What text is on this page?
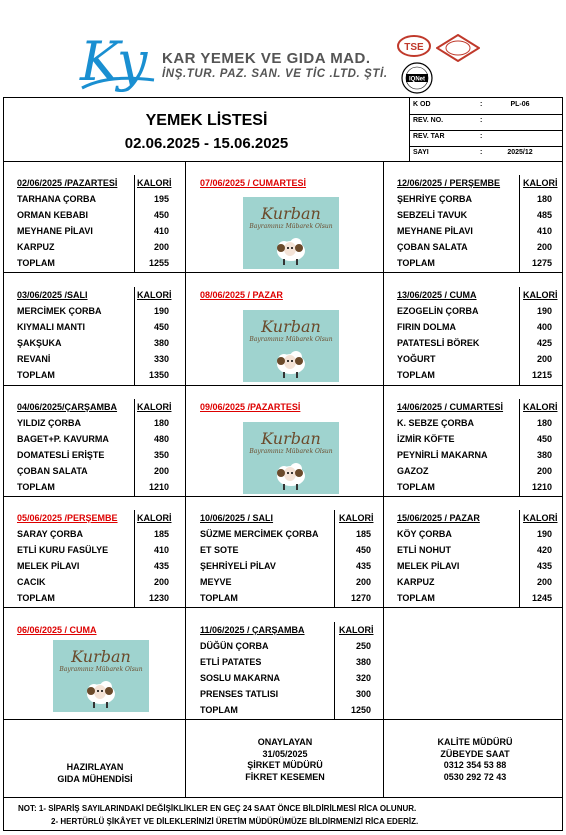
Ky KAR YEMEK VE GIDA MAD.
İNŞ.TUR. PAZ. SAN. VE TİC .LTD. ŞTİ.
TSE
IQNet
YEMEK LİSTESİ
02.06.2025 - 15.06.2025
K OD	:	PL-06
REV. NO.	:
REV. TAR	:
SAYI	:	2025/12
02/06/2025 /PAZARTESİ KALORİ
TARHANA ÇORBA	195
ORMAN KEBABI	450
MEYHANE PİLAVI	410
KARPUZ	200
TOPLAM	1255
07/06/2025 / CUMARTESİ
Kurban
Bayramınız Mübarek Olsun
12/06/2025 / PERŞEMBE	KALORİ
ŞEHRİYE ÇORBA	180
SEBZELİ TAVUK	485
MEYHANE PİLAVI	410
ÇOBAN SALATA	200
TOPLAM	1275
03/06/2025 /SALI	KALORİ
MERCİMEK ÇORBA	190
KIYMALI MANTI	450
ŞAKŞUKA	380
REVANİ	330
TOPLAM	1350
08/06/2025 / PAZAR
Kurban
Bayramınız Mübarek Olsun
13/06/2025 / CUMA	KALORİ
EZOGELİN ÇORBA	190
FIRIN DOLMA	400
PATATESLİ BÖREK	425
YOĞURT	200
TOPLAM	1215
04/06/2025/ÇARŞAMBA KALORİ
YILDIZ ÇORBA	180
BAGET+P. KAVURMA	480
DOMATESLİ ERİŞTE	350
ÇOBAN SALATA	200
TOPLAM	1210
09/06/2025 /PAZARTESİ
Kurban
Bayramınız Mübarek Olsun
14/06/2025 / CUMARTESİ KALORİ
K. SEBZE ÇORBA	180
İZMİR KÖFTE	450
PEYNİRLİ MAKARNA	380
GAZOZ	200
TOPLAM	1210
05/06/2025 /PERŞEMBE KALORİ
SARAY ÇORBA	185
ETLİ KURU FASÜLYE	410
MELEK PİLAVI	435
CACIK	200
TOPLAM	1230
10/06/2025 / SALI	KALORİ
SÜZME MERCİMEK ÇORBA	185
ET SOTE	450
ŞEHRİYELİ PİLAV	435
MEYVE	200
TOPLAM	1270
15/06/2025 / PAZAR	KALORİ
KÖY ÇORBA	190
ETLİ NOHUT	420
MELEK PİLAVI	435
KARPUZ	200
TOPLAM	1245
06/06/2025 / CUMA
Kurban
Bayramınız Mübarek Olsun
11/06/2025 / ÇARŞAMBA	KALORİ
DÜĞÜN ÇORBA	250
ETLİ PATATES	380
SOSLU MAKARNA	320
PRENSES TATLISI	300
TOPLAM	1250
HAZIRLAYAN
GIDA MÜHENDİSİ
ONAYLAYAN
31/05/2025
ŞİRKET MÜDÜRÜ
FİKRET KESEMEN
KALİTE MÜDÜRÜ
ZÜBEYDE SAAT
0312 354 53 88
0530 292 72 43
NOT: 1- SİPARİŞ SAYILARINDAKİ DEĞİŞİKLİKLER EN GEÇ 24 SAAT ÖNCE BİLDİRİLMESİ RİCA OLUNUR.
2- HERTÜRLÜ ŞİKÂYET VE DİLEKLERİNİZİ ÜRETİM MÜDÜRÜMÜZE BİLDİRMENİZİ RİCA EDERİZ.
